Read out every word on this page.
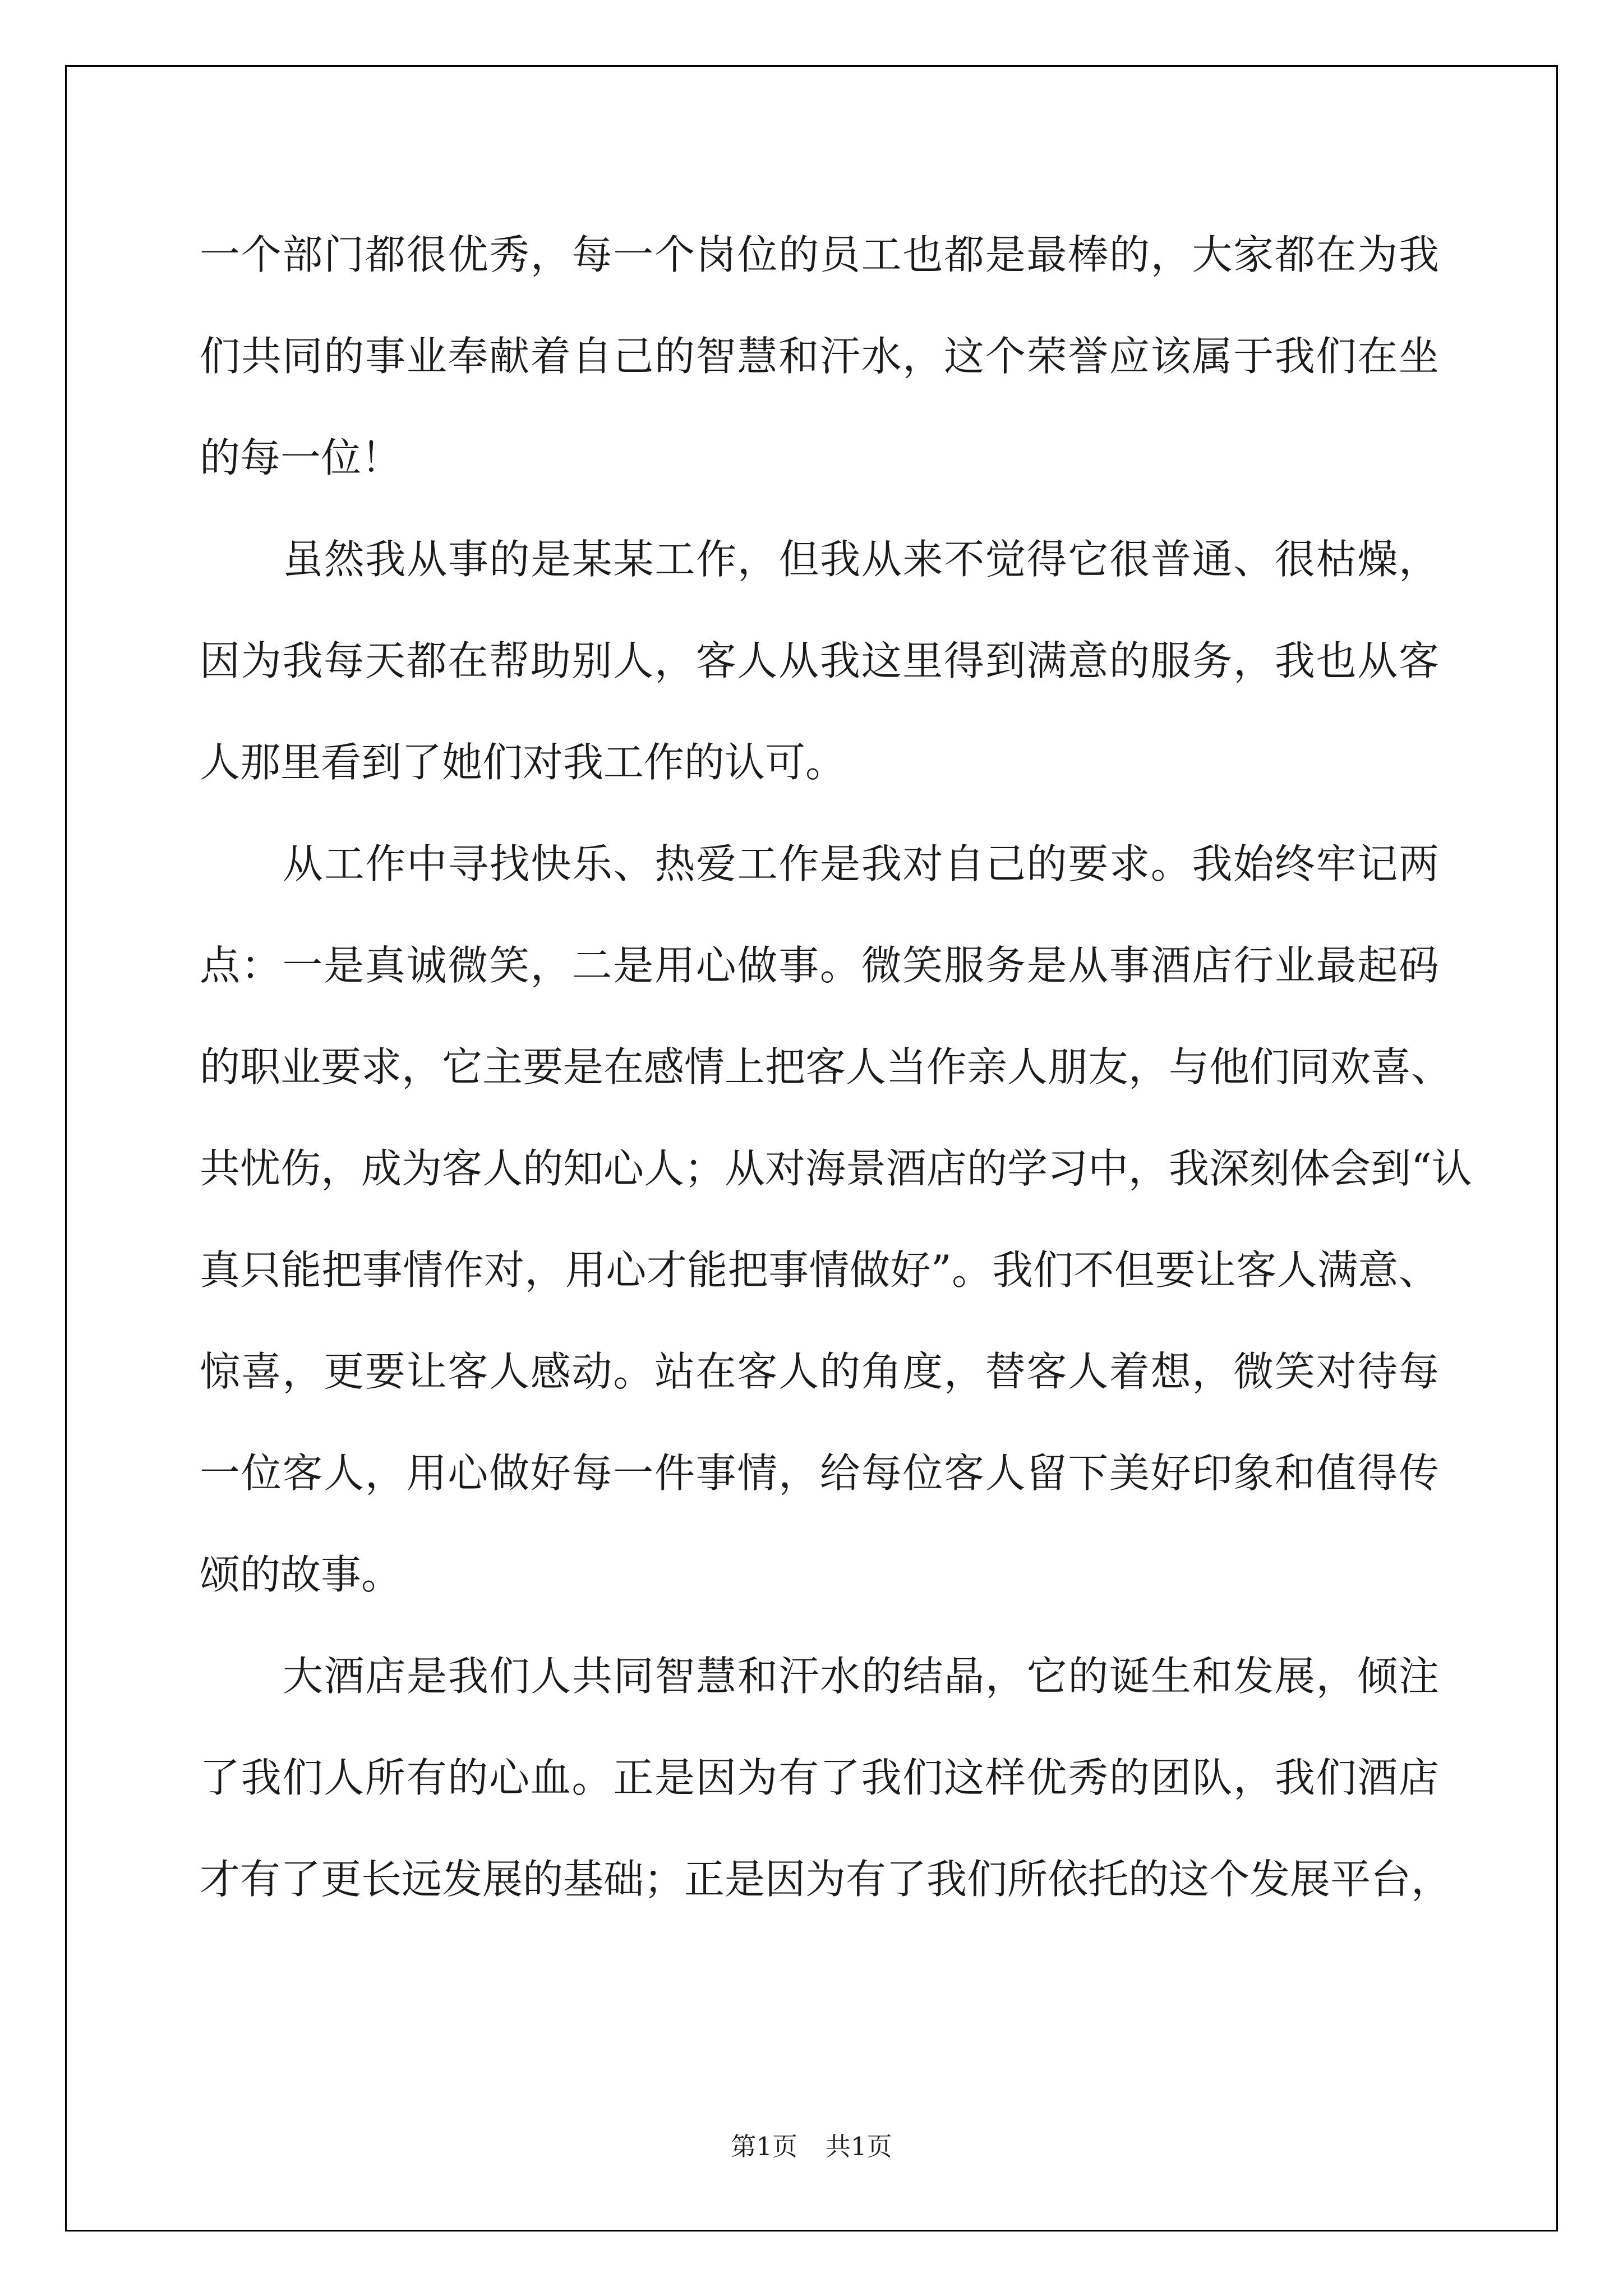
一个部门都很优秀，每一个岗位的员工也都是最棒的，大家都在为我
们共同的事业奉献着自己的智慧和汗水，这个荣誉应该属于我们在坐
的每一位！
虽然我从事的是某某工作，但我从来不觉得它很普通、很枯燥，
因为我每天都在帮助别人，客人从我这里得到满意的服务，我也从客
人那里看到了她们对我工作的认可。
从工作中寻找快乐、热爱工作是我对自己的要求。我始终牢记两
点：一是真诚微笑，二是用心做事。微笑服务是从事酒店行业最起码
的职业要求，它主要是在感情上把客人当作亲人朋友，与他们同欢喜、
共忧伤，成为客人的知心人；从对海景酒店的学习中，我深刻体会到“认
真只能把事情作对，用心才能把事情做好”。我们不但要让客人满意、
惊喜，更要让客人感动。站在客人的角度，替客人着想，微笑对待每
一位客人，用心做好每一件事情，给每位客人留下美好印象和值得传
颂的故事。
大酒店是我们人共同智慧和汗水的结晶，它的诞生和发展，倾注
了我们人所有的心血。正是因为有了我们这样优秀的团队，我们酒店
才有了更长远发展的基础；正是因为有了我们所依托的这个发展平台，
第1页 共1页
